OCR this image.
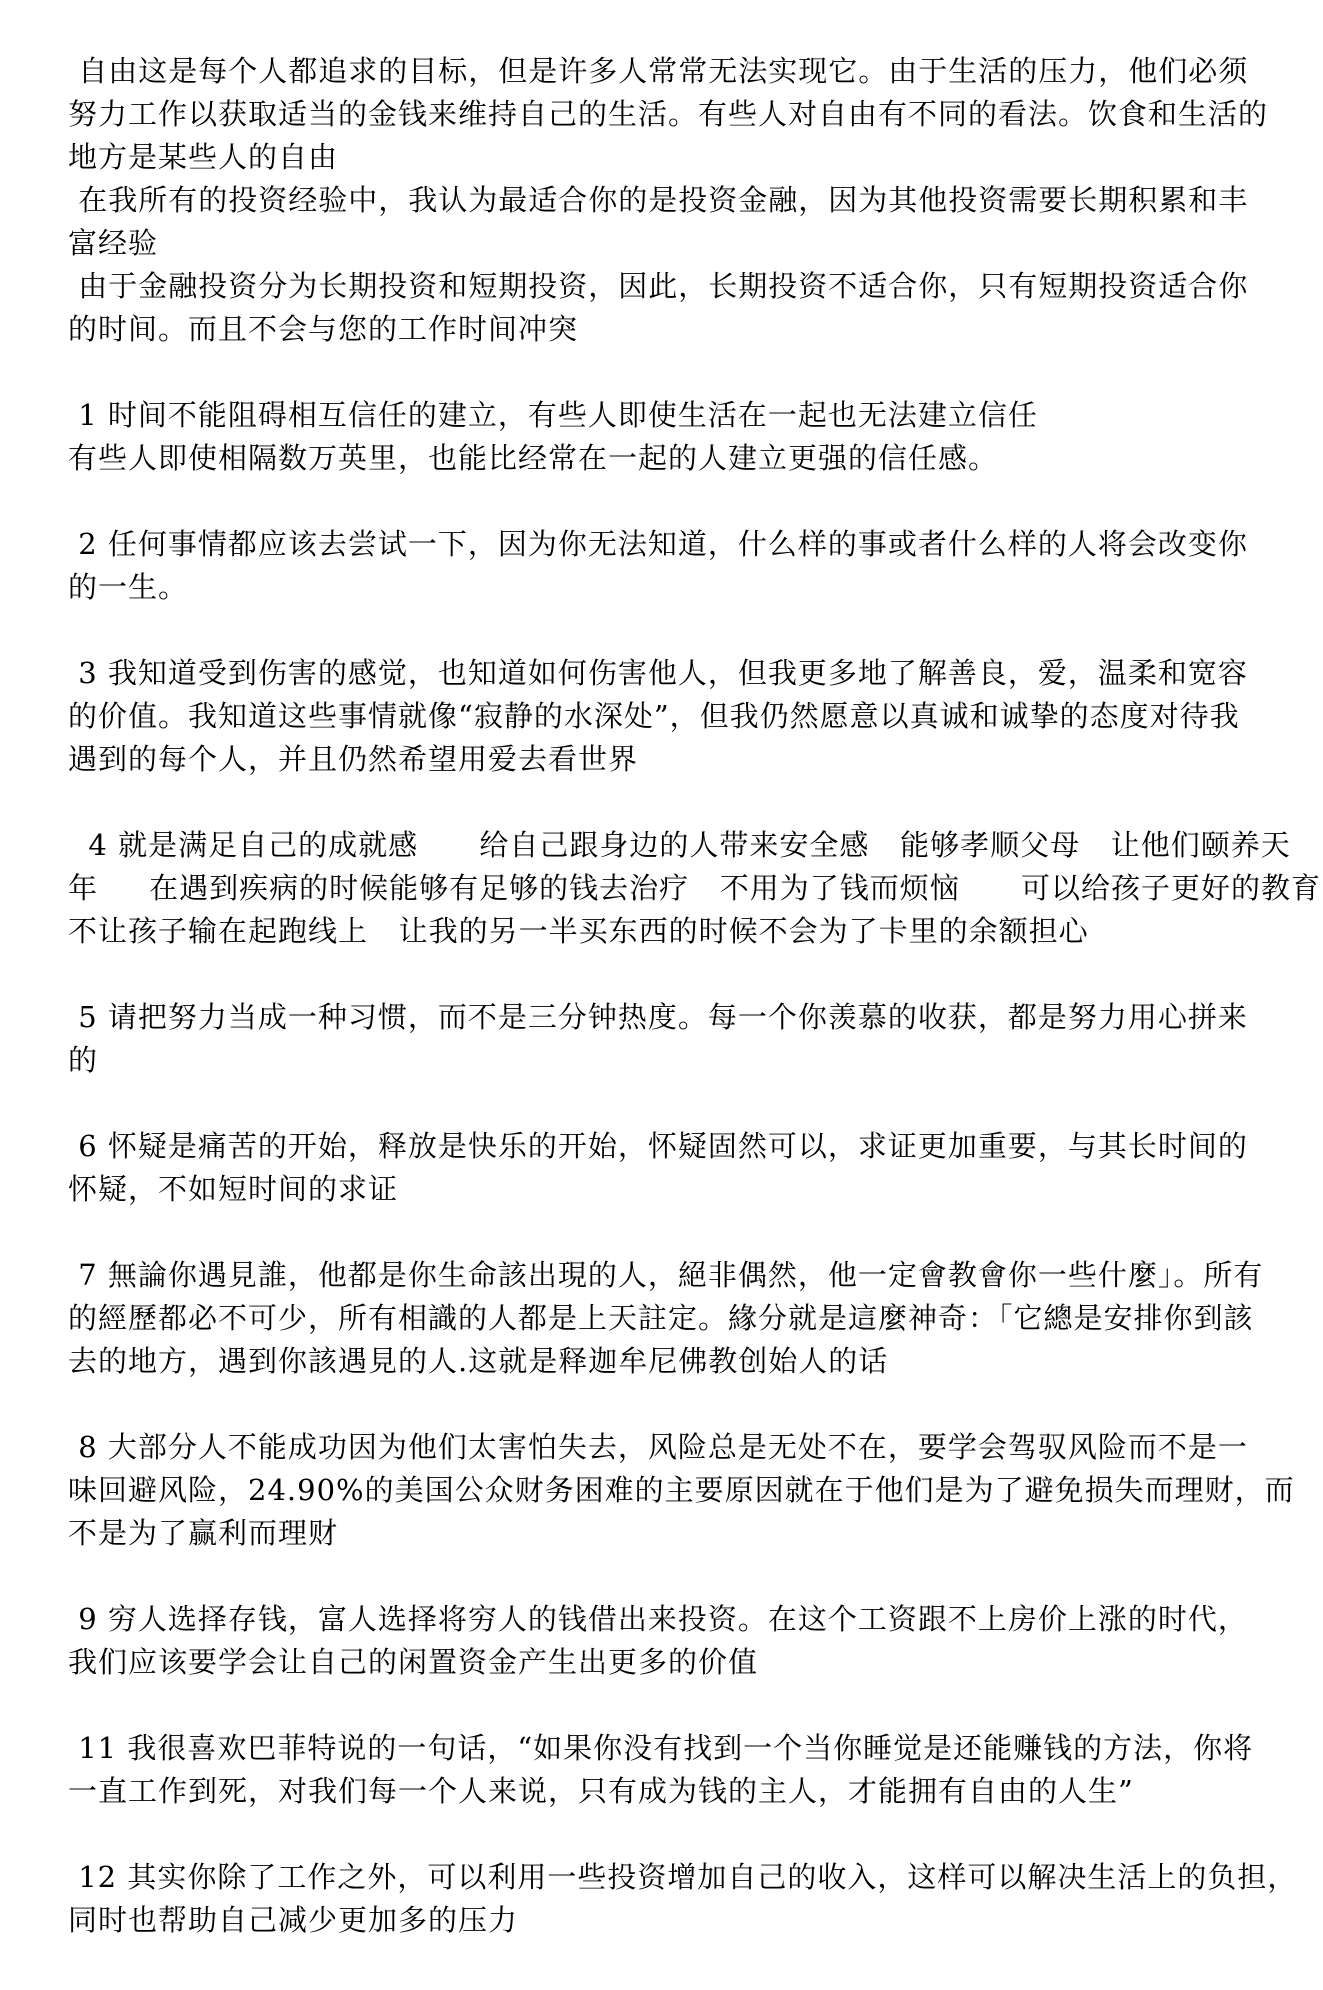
自由这是每个人都追求的目标，但是许多人常常无法实现它。由于生活的压力，他们必须
努力工作以获取适当的金钱来维持自己的生活。有些人对自由有不同的看法。饮食和生活的
地方是某些人的自由
在我所有的投资经验中，我认为最适合你的是投资金融，因为其他投资需要长期积累和丰
富经验
由于金融投资分为长期投资和短期投资，因此，长期投资不适合你，只有短期投资适合你
的时间。而且不会与您的工作时间冲突

1 时间不能阻碍相互信任的建立，有些人即使生活在一起也无法建立信任
有些人即使相隔数万英里，也能比经常在一起的人建立更强的信任感。

2 任何事情都应该去尝试一下，因为你无法知道，什么样的事或者什么样的人将会改变你
的一生。

3 我知道受到伤害的感觉，也知道如何伤害他人，但我更多地了解善良，爱，温柔和宽容
的价值。我知道这些事情就像“寂静的水深处”，但我仍然愿意以真诚和诚挚的态度对待我
遇到的每个人，并且仍然希望用爱去看世界

4 就是满足自己的成就感      给自己跟身边的人带来安全感   能够孝顺父母   让他们颐养天
年     在遇到疾病的时候能够有足够的钱去治疗   不用为了钱而烦恼      可以给孩子更好的教育
不让孩子输在起跑线上   让我的另一半买东西的时候不会为了卡里的余额担心

5 请把努力当成一种习惯，而不是三分钟热度。每一个你羡慕的收获，都是努力用心拼来
的

6 怀疑是痛苦的开始，释放是快乐的开始，怀疑固然可以，求证更加重要，与其长时间的
怀疑，不如短时间的求证

7 無論你遇見誰，他都是你生命該出現的人，絕非偶然，他一定會教會你一些什麼」。所有
的經歷都必不可少，所有相識的人都是上天註定。緣分就是這麼神奇：「它總是安排你到該
去的地方，遇到你該遇見的人.这就是释迦牟尼佛教创始人的话

8 大部分人不能成功因为他们太害怕失去，风险总是无处不在，要学会驾驭风险而不是一
味回避风险，24.90%的美国公众财务困难的主要原因就在于他们是为了避免损失而理财，而
不是为了赢利而理财

9 穷人选择存钱，富人选择将穷人的钱借出来投资。在这个工资跟不上房价上涨的时代，
我们应该要学会让自己的闲置资金产生出更多的价值

11 我很喜欢巴菲特说的一句话，“如果你没有找到一个当你睡觉是还能赚钱的方法，你将
一直工作到死，对我们每一个人来说，只有成为钱的主人，才能拥有自由的人生”

12 其实你除了工作之外，可以利用一些投资增加自己的收入，这样可以解决生活上的负担，
同时也帮助自己减少更加多的压力
